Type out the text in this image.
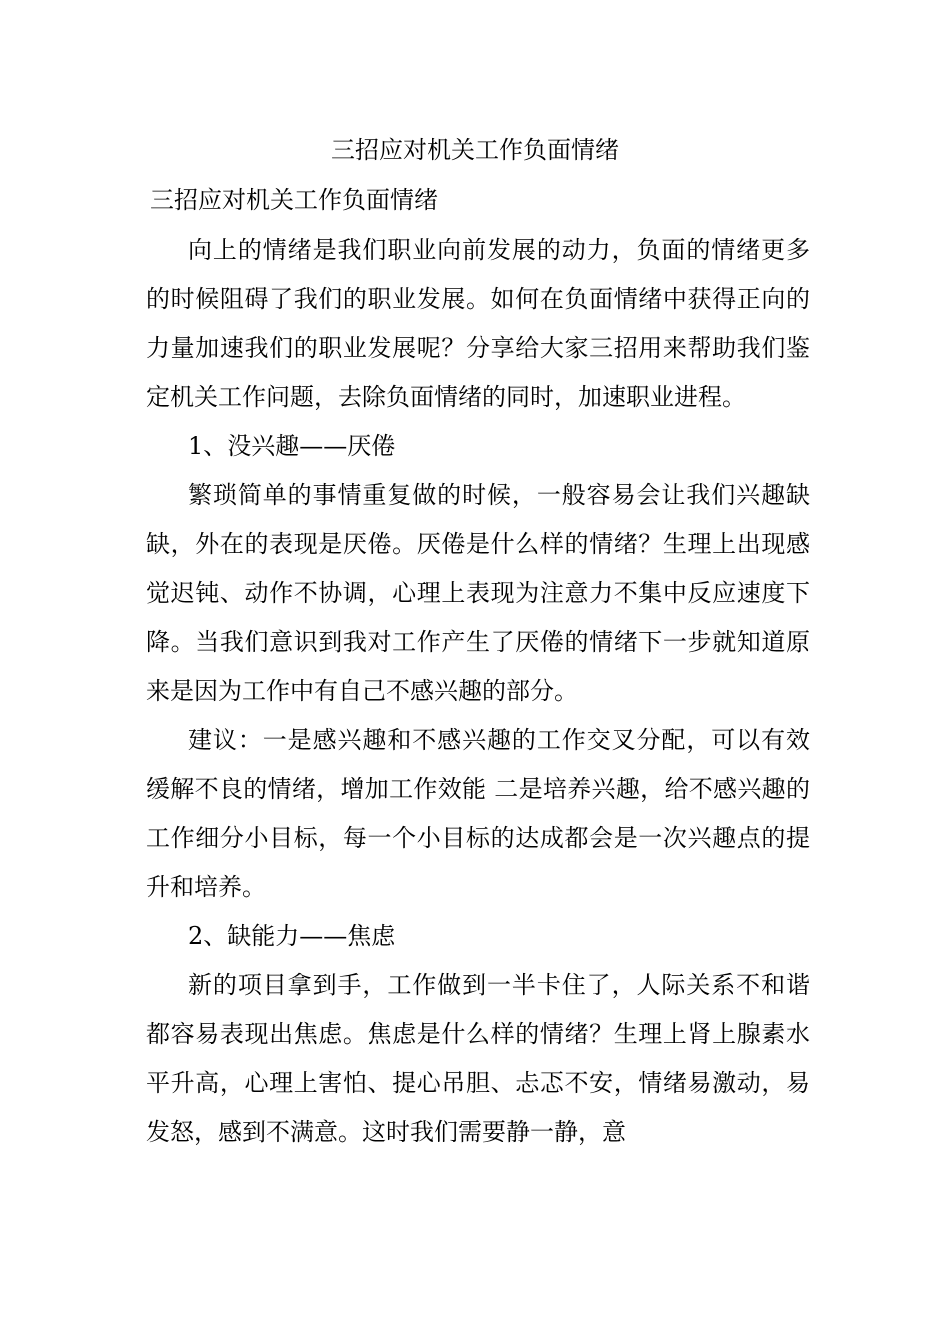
三招应对机关工作负面情绪
三招应对机关工作负面情绪

向上的情绪是我们职业向前发展的动力，负面的情绪更多的时候阻碍了我们的职业发展。如何在负面情绪中获得正向的力量加速我们的职业发展呢？分享给大家三招用来帮助我们鉴定机关工作问题，去除负面情绪的同时，加速职业进程。

1、没兴趣——厌倦

繁琐简单的事情重复做的时候，一般容易会让我们兴趣缺缺，外在的表现是厌倦。厌倦是什么样的情绪？生理上出现感觉迟钝、动作不协调，心理上表现为注意力不集中反应速度下降。当我们意识到我对工作产生了厌倦的情绪下一步就知道原来是因为工作中有自己不感兴趣的部分。

建议：一是感兴趣和不感兴趣的工作交叉分配，可以有效缓解不良的情绪，增加工作效能 二是培养兴趣，给不感兴趣的工作细分小目标，每一个小目标的达成都会是一次兴趣点的提升和培养。

2、缺能力——焦虑

新的项目拿到手，工作做到一半卡住了，人际关系不和谐都容易表现出焦虑。焦虑是什么样的情绪？生理上肾上腺素水平升高，心理上害怕、提心吊胆、忐忑不安，情绪易激动，易发怒，感到不满意。这时我们需要静一静，意
